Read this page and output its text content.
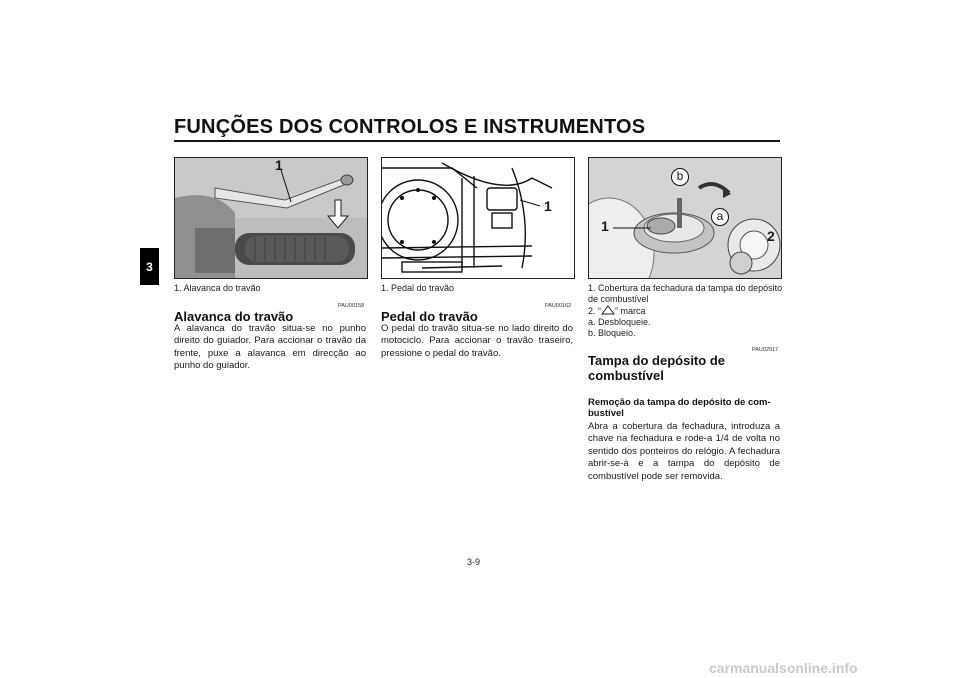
FUNÇÕES DOS CONTROLOS E INSTRUMENTOS
3
1
1. Alavanca do travão
PAU00158
Alavanca do travão
A alavanca do travão situa-se no punho direito do guiador. Para accionar o travão da frente, puxe a alavanca em direcção ao punho do guiador.
1
1. Pedal do travão
PAU00162
Pedal do travão
O pedal do travão situa-se no lado direito do motociclo. Para accionar o travão traseiro, pressione o pedal do travão.
1
2
b
a
1. Cobertura da fechadura da tampa do depósito
de combustível
2. “ ” marca
a. Desbloqueie.
b. Bloqueio.
PAU02917
Tampa do depósito de
combustível
Remoção da tampa do depósito de com-
bustível
Abra a cobertura da fechadura, introduza a chave na fechadura e rode-a 1/4 de volta no sentido dos ponteiros do relógio. A fechadura abrir-se-á e a tampa do depósito de combustível pode ser removida.
3-9
carmanualsonline.info
